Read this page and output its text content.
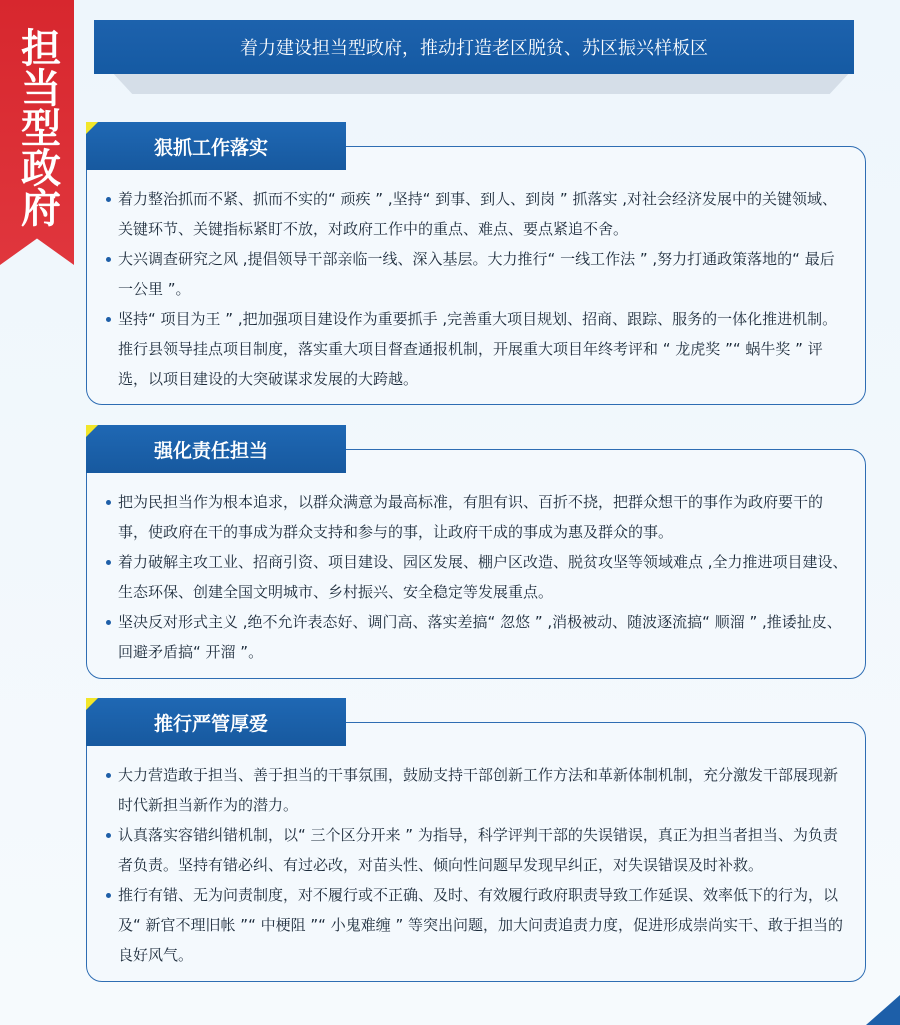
担当型政府	着力建设担当型政府，推动打造老区脱贫、苏区振兴样板区
狠抓工作落实
着力整治抓而不紧、抓而不实的“ 顽疾 ” ,坚持“ 到事、到人、到岗 ” 抓落实 ,对社会经济发展中的关键领域、关键环节、关键指标紧盯不放，对政府工作中的重点、难点、要点紧追不舍。
大兴调查研究之风 ,提倡领导干部亲临一线、深入基层。大力推行“ 一线工作法 ” ,努力打通政策落地的“ 最后一公里 ”。
坚持“ 项目为王 ” ,把加强项目建设作为重要抓手 ,完善重大项目规划、招商、跟踪、服务的一体化推进机制。推行县领导挂点项目制度，落实重大项目督查通报机制，开展重大项目年终考评和 “ 龙虎奖 ”“ 蜗牛奖 ” 评选，以项目建设的大突破谋求发展的大跨越。
强化责任担当
把为民担当作为根本追求，以群众满意为最高标准，有胆有识、百折不挠，把群众想干的事作为政府要干的事，使政府在干的事成为群众支持和参与的事，让政府干成的事成为惠及群众的事。
着力破解主攻工业、招商引资、项目建设、园区发展、棚户区改造、脱贫攻坚等领域难点 ,全力推进项目建设、生态环保、创建全国文明城市、乡村振兴、安全稳定等发展重点。
坚决反对形式主义 ,绝不允许表态好、调门高、落实差搞“ 忽悠 ” ,消极被动、随波逐流搞“ 顺溜 ” ,推诿扯皮、回避矛盾搞“ 开溜 ”。
推行严管厚爱
大力营造敢于担当、善于担当的干事氛围，鼓励支持干部创新工作方法和革新体制机制，充分激发干部展现新时代新担当新作为的潜力。
认真落实容错纠错机制，以“ 三个区分开来 ” 为指导，科学评判干部的失误错误，真正为担当者担当、为负责者负责。坚持有错必纠、有过必改，对苗头性、倾向性问题早发现早纠正，对失误错误及时补救。
推行有错、无为问责制度，对不履行或不正确、及时、有效履行政府职责导致工作延误、效率低下的行为，以及“ 新官不理旧帐 ”“ 中梗阻 ”“ 小鬼难缠 ” 等突出问题，加大问责追责力度，促进形成崇尚实干、敢于担当的良好风气。
